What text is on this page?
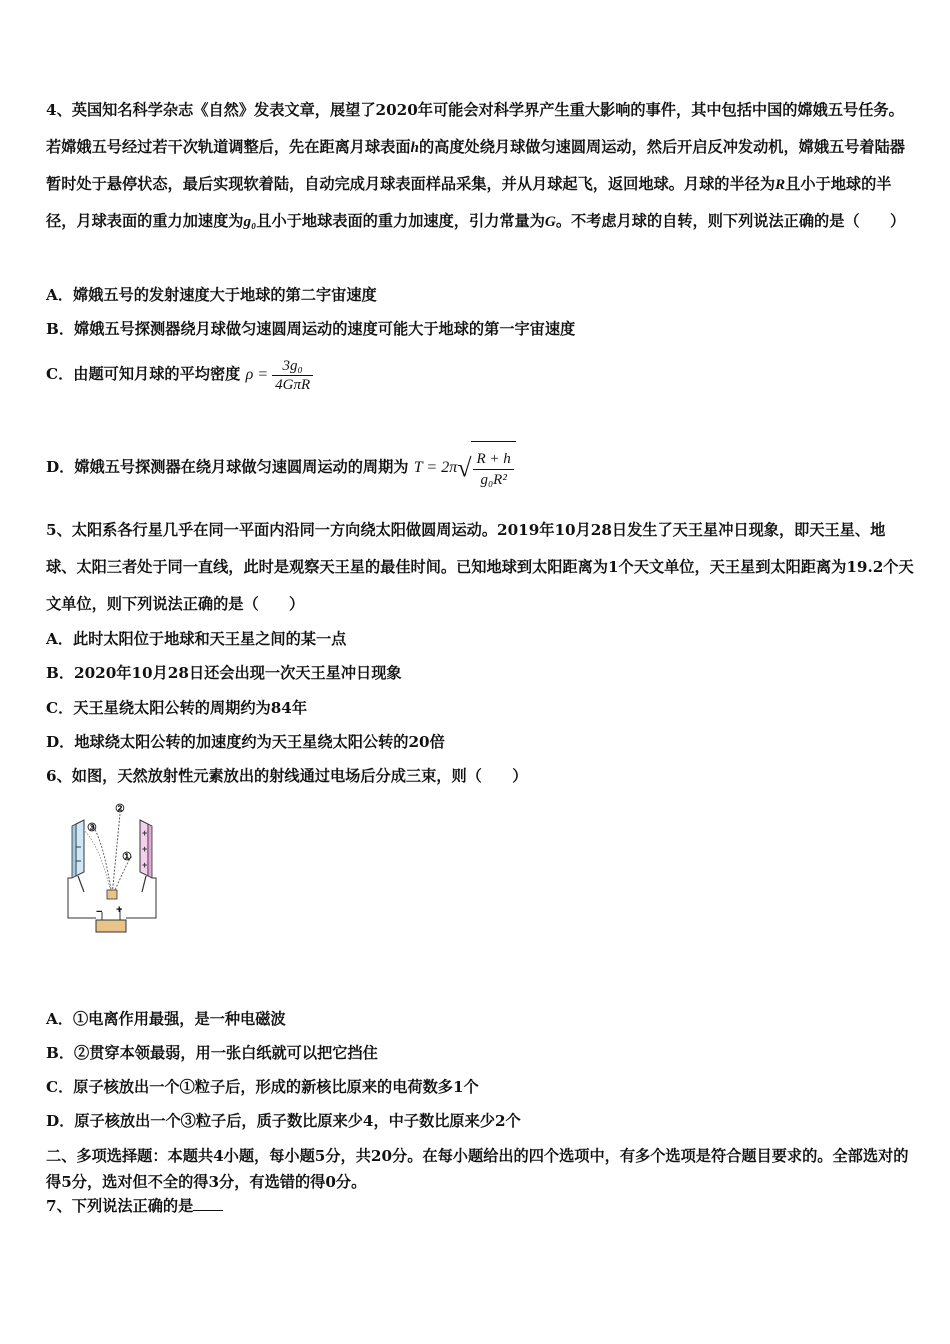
4、英国知名科学杂志《自然》发表文章，展望了2020年可能会对科学界产生重大影响的事件，其中包括中国的嫦娥五号任务。若嫦娥五号经过若干次轨道调整后，先在距离月球表面h的高度处绕月球做匀速圆周运动，然后开启反冲发动机，嫦娥五号着陆器暂时处于悬停状态，最后实现软着陆，自动完成月球表面样品采集，并从月球起飞，返回地球。月球的半径为R且小于地球的半径，月球表面的重力加速度为g₀且小于地球表面的重力加速度，引力常量为G。不考虑月球的自转，则下列说法正确的是（　　）

A．嫦娥五号的发射速度大于地球的第二宇宙速度
B．嫦娥五号探测器绕月球做匀速圆周运动的速度可能大于地球的第一宇宙速度
C．由题可知月球的平均密度 $\rho = \frac{\text{3g₀}}{\text{4GπR}}$
D．嫦娥五号探测器在绕月球做匀速圆周运动的周期为 $T = 2\pi√ \frac{R + h}{\text{g₀R²}}$

5、太阳系各行星几乎在同一平面内沿同一方向绕太阳做圆周运动。2019年10月28日发生了天王星冲日现象，即天王星、地球、太阳三者处于同一直线，此时是观察天王星的最佳时间。已知地球到太阳距离为1个天文单位，天王星到太阳距离为19.2个天文单位，则下列说法正确的是（　　）

A．此时太阳位于地球和天王星之间的某一点
B．2020年10月28日还会出现一次天王星冲日现象
C．天王星绕太阳公转的周期约为84年
D．地球绕太阳公转的加速度约为天王星绕太阳公转的20倍
6、如图，天然放射性元素放出的射线通过电场后分成三束，则（　　）
−
−
+
+
+
②
③
①
− +
A．①电离作用最强，是一种电磁波
B．②贯穿本领最弱，用一张白纸就可以把它挡住
C．原子核放出一个①粒子后，形成的新核比原来的电荷数多1个
D．原子核放出一个③粒子后，质子数比原来少4，中子数比原来少2个

二、多项选择题：本题共4小题，每小题5分，共20分。在每小题给出的四个选项中，有多个选项是符合题目要求的。全部选对的得5分，选对但不全的得3分，有选错的得0分。

7、下列说法正确的是
